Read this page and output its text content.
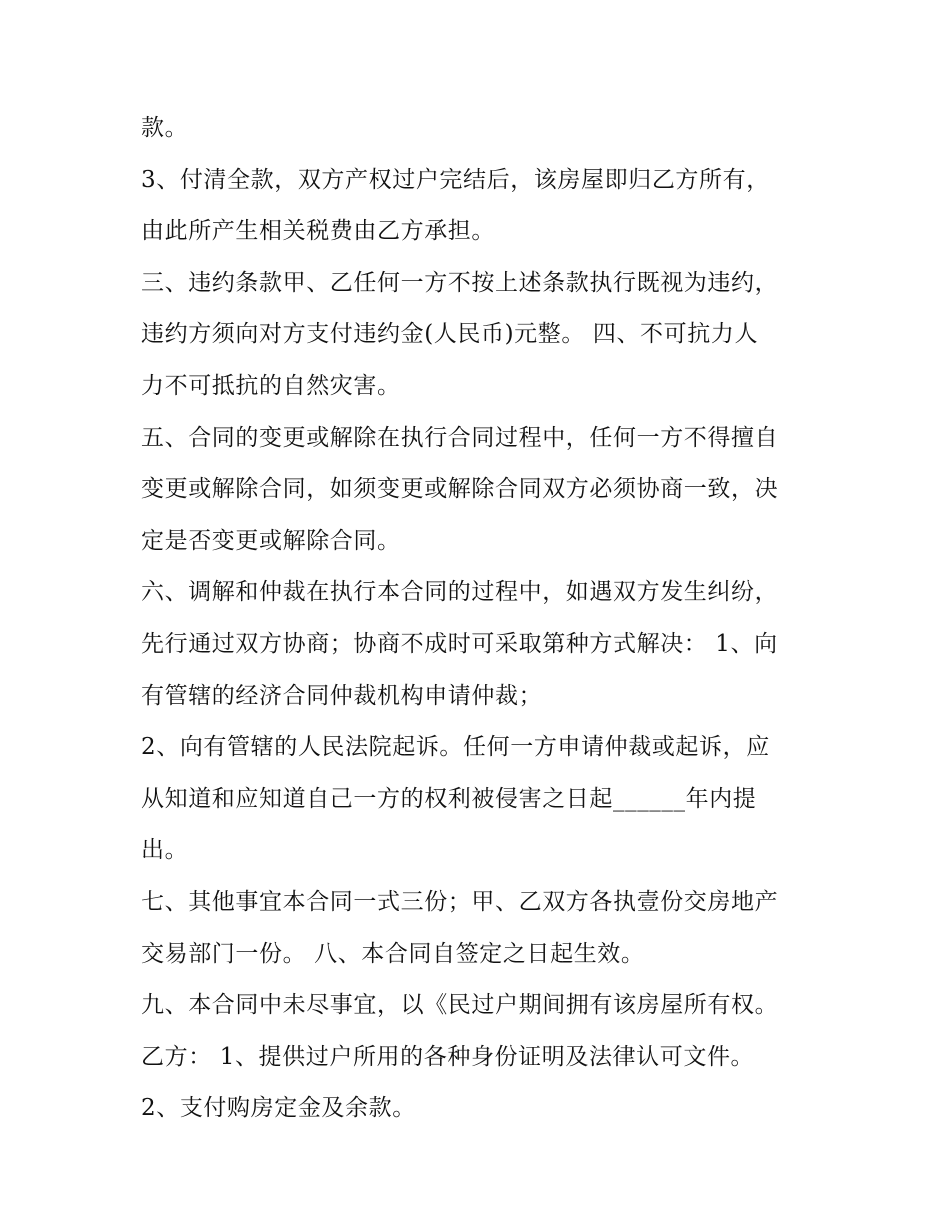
款。
3、付清全款，双方产权过户完结后，该房屋即归乙方所有，
由此所产生相关税费由乙方承担。
三、违约条款甲、乙任何一方不按上述条款执行既视为违约，
违约方须向对方支付违约金(人民币)元整。 四、不可抗力人
力不可抵抗的自然灾害。
五、合同的变更或解除在执行合同过程中，任何一方不得擅自
变更或解除合同，如须变更或解除合同双方必须协商一致，决
定是否变更或解除合同。
六、调解和仲裁在执行本合同的过程中，如遇双方发生纠纷，
先行通过双方协商；协商不成时可采取第种方式解决： 1、向
有管辖的经济合同仲裁机构申请仲裁；
2、向有管辖的人民法院起诉。任何一方申请仲裁或起诉，应
从知道和应知道自己一方的权利被侵害之日起______年内提
出。
七、其他事宜本合同一式三份；甲、乙双方各执壹份交房地产
交易部门一份。 八、本合同自签定之日起生效。
九、本合同中未尽事宜，以《民过户期间拥有该房屋所有权。
乙方： 1、提供过户所用的各种身份证明及法律认可文件。
2、支付购房定金及余款。
